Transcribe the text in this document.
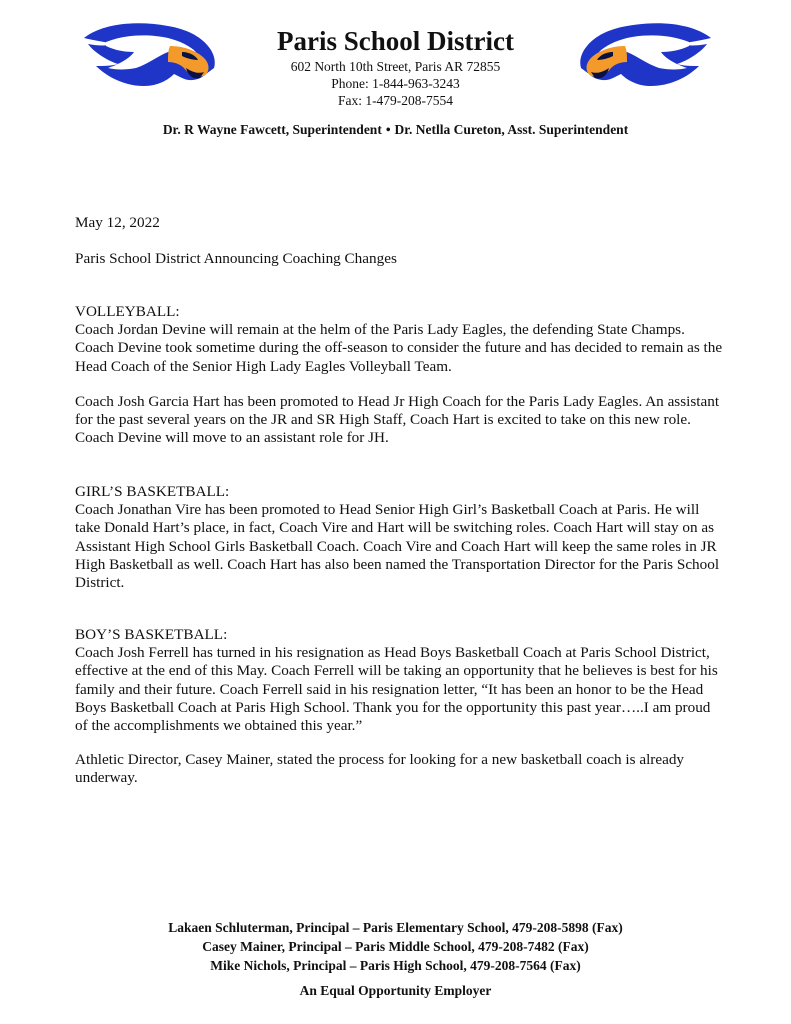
Paris School District

602 North 10th Street, Paris AR 72855

Phone: 1-844-963-3243

Fax: 1-479-208-7554

Dr. R Wayne Fawcett, Superintendent • Dr. Netlla Cureton, Asst. Superintendent

May 12, 2022

Paris School District Announcing Coaching Changes

VOLLEYBALL:

Coach Jordan Devine will remain at the helm of the Paris Lady Eagles, the defending State Champs. Coach Devine took sometime during the off-season to consider the future and has decided to remain as the Head Coach of the Senior High Lady Eagles Volleyball Team.

Coach Josh Garcia Hart has been promoted to Head Jr High Coach for the Paris Lady Eagles. An assistant for the past several years on the JR and SR High Staff, Coach Hart is excited to take on this new role. Coach Devine will move to an assistant role for JH.

GIRL’S BASKETBALL:

Coach Jonathan Vire has been promoted to Head Senior High Girl’s Basketball Coach at Paris. He will take Donald Hart’s place, in fact, Coach Vire and Hart will be switching roles. Coach Hart will stay on as Assistant High School Girls Basketball Coach. Coach Vire and Coach Hart will keep the same roles in JR High Basketball as well. Coach Hart has also been named the Transportation Director for the Paris School District.

BOY’S BASKETBALL:

Coach Josh Ferrell has turned in his resignation as Head Boys Basketball Coach at Paris School District, effective at the end of this May. Coach Ferrell will be taking an opportunity that he believes is best for his family and their future. Coach Ferrell said in his resignation letter, “It has been an honor to be the Head Boys Basketball Coach at Paris High School. Thank you for the opportunity this past year…..I am proud of the accomplishments we obtained this year.”

Athletic Director, Casey Mainer, stated the process for looking for a new basketball coach is already underway.

Lakaen Schluterman, Principal – Paris Elementary School, 479-208-5898 (Fax)

Casey Mainer, Principal – Paris Middle School, 479-208-7482 (Fax)

Mike Nichols, Principal – Paris High School, 479-208-7564 (Fax)

An Equal Opportunity Employer
